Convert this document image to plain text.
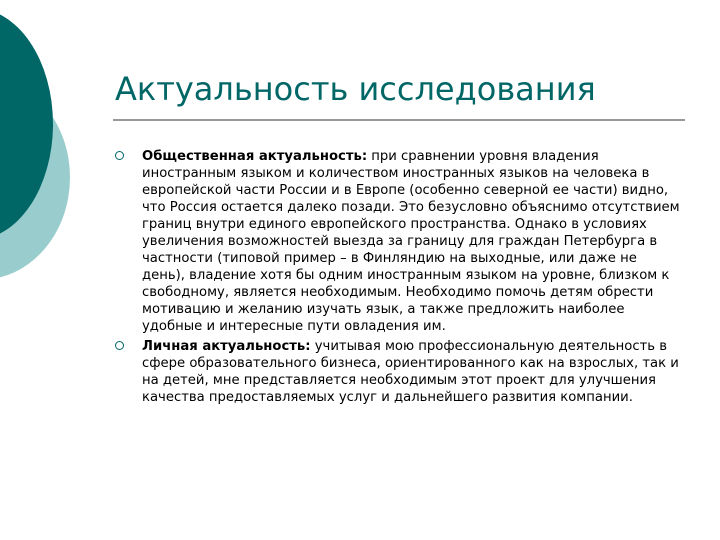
Актуальность исследования
Общественная актуальность: при сравнении уровня владения иностранным языком и количеством иностранных языков на человека в европейской части России и в Европе (особенно северной ее части) видно, что Россия остается далеко позади. Это безусловно объяснимо отсутствием границ внутри единого европейского пространства. Однако в условиях увеличения возможностей выезда за границу для граждан Петербурга в частности (типовой пример – в Финляндию на выходные, или даже не день), владение хотя бы одним иностранным языком на уровне, близком к свободному, является необходимым. Необходимо помочь детям обрести мотивацию и желанию изучать язык, а также предложить наиболее удобные и интересные пути овладения им.
Личная актуальность: учитывая мою профессиональную деятельность в сфере образовательного бизнеса, ориентированного как на взрослых, так и на детей, мне представляется необходимым этот проект для улучшения качества предоставляемых услуг и дальнейшего развития компании.
